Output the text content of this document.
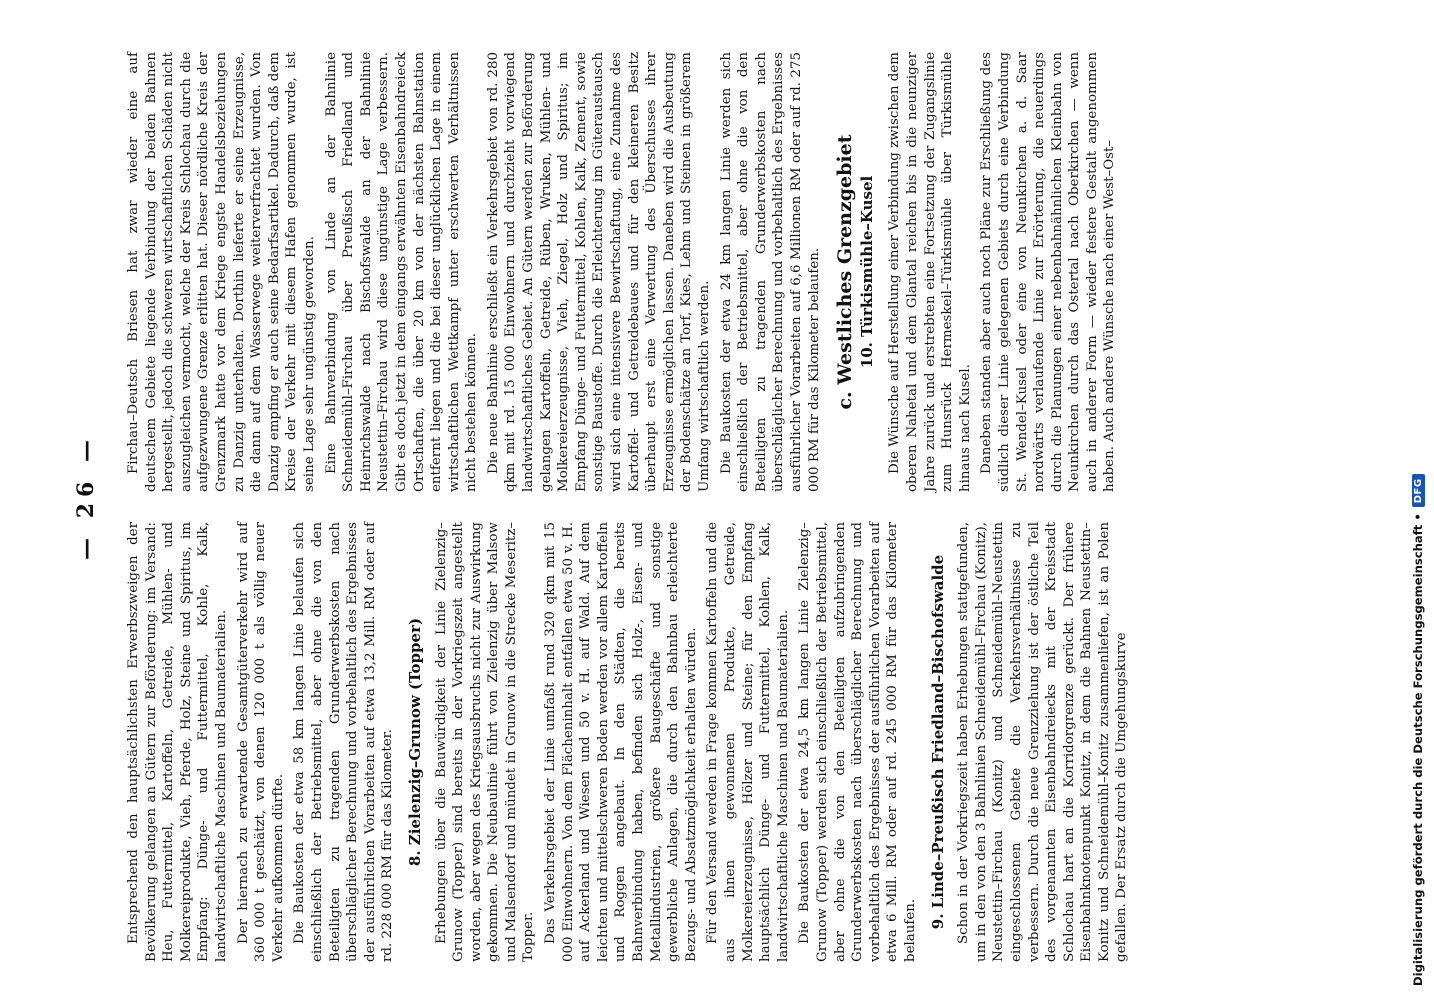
— 26 —

Entsprechend den hauptsächlichsten Erwerbszweigen der Bevölkerung gelangen an Gütern zur Beförderung: im Versand: Heu, Futtermittel, Kartoffeln, Getreide, Mühlen- und Molkereiprodukte, Vieh, Pferde, Holz, Steine und Spiritus, im Empfang: Dünge- und Futtermittel, Kohle, Kalk, landwirtschaftliche Maschinen und Baumaterialien. Der hiernach zu erwartende Gesamtgüterverkehr wird auf 360 000 t geschätzt, von denen 120 000 t als völlig neuer Verkehr aufkommen dürfte. Die Baukosten der etwa 58 km langen Linie belaufen sich einschließlich der Betriebsmittel, aber ohne die von den Beteiligten zu tragenden Grunderwerbskosten nach überschläglicher Berechnung und vorbehaltlich des Ergebnisses der ausführlichen Vorarbeiten auf etwa 13,2 Mill. RM oder auf rd. 228 000 RM für das Kilometer. 8. Zielenzig–Grunow (Topper) Erhebungen über die Bauwürdigkeit der Linie Zielenzig–Grunow (Topper) sind bereits in der Vorkriegszeit angestellt worden, aber wegen des Kriegsausbruchs nicht zur Auswirkung gekommen. Die Neubaulinie führt von Zielenzig über Malsow und Malsendorf und mündet in Grunow in die Strecke Meseritz–Topper. Das Verkehrsgebiet der Linie umfaßt rund 320 qkm mit 15 000 Einwohnern. Von dem Flächeninhalt entfallen etwa 50 v. H. auf Ackerland und Wiesen und 50 v. H. auf Wald. Auf dem leichten und mittelschweren Boden werden vor allem Kartoffeln und Roggen angebaut. In den Städten, die bereits Bahnverbindung haben, befinden sich Holz-, Eisen- und Metallindustrien, größere Baugeschäfte und sonstige gewerbliche Anlagen, die durch den Bahnbau erleichterte Bezugs- und Absatzmöglichkeit erhalten würden. Für den Versand werden in Frage kommen Kartoffeln und die aus ihnen gewonnenen Produkte, Getreide, Molkereierzeugnisse, Hölzer und Steine; für den Empfang hauptsächlich Dünge- und Futtermittel, Kohlen, Kalk, landwirtschaftliche Maschinen und Baumaterialien. Die Baukosten der etwa 24,5 km langen Linie Zielenzig–Grunow (Topper) werden sich einschließlich der Betriebsmittel, aber ohne die von den Beteiligten aufzubringenden Grunderwerbskosten nach überschläglicher Berechnung und vorbehaltlich des Ergebnisses der ausführlichen Vorarbeiten auf etwa 6 Mill. RM oder auf rd. 245 000 RM für das Kilometer belaufen.

9. Linde–Preußisch Friedland–Bischofswalde Schon in der Vorkriegszeit haben Erhebungen stattgefunden, um in den von den 3 Bahnlinien Schneidemühl–Firchau (Konitz), Neustettin–Firchau (Konitz) und Schneidemühl–Neustettin eingeschlossenen Gebiete die Verkehrsverhältnisse zu verbessern. Durch die neue Grenzziehung ist der östliche Teil des vorgenannten Eisenbahndreiecks mit der Kreisstadt Schlochau hart an die Korridorgrenze gerückt. Der frühere Eisenbahnknotenpunkt Konitz, in dem die Bahnen Neustettin–Konitz und Schneidemühl–Konitz zusammenliefen, ist an Polen gefallen. Der Ersatz durch die Umgehungskurve

Firchau–Deutsch Briesen hat zwar wieder eine auf deutschem Gebiete liegende Verbindung der beiden Bahnen hergestellt, jedoch die schweren wirtschaftlichen Schäden nicht auszugleichen vermocht, welche der Kreis Schlochau durch die aufgezwungene Grenze erlitten hat. Dieser nördliche Kreis der Grenzmark hatte vor dem Kriege engste Handelsbeziehungen zu Danzig unterhalten. Dorthin lieferte er seine Erzeugnisse, die dann auf dem Wasserwege weiterverfrachtet wurden. Von Danzig empfing er auch seine Bedarfsartikel. Dadurch, daß dem Kreise der Verkehr mit diesem Hafen genommen wurde, ist seine Lage sehr ungünstig geworden. Eine Bahnverbindung von Linde an der Bahnlinie Schneidemühl–Firchau über Preußisch Friedland und Heinrichswalde nach Bischofswalde an der Bahnlinie Neustettin–Firchau wird diese ungünstige Lage verbessern. Gibt es doch jetzt in dem eingangs erwähnten Eisenbahndreieck Ortschaften, die über 20 km von der nächsten Bahnstation entfernt liegen und die bei dieser unglücklichen Lage in einem wirtschaftlichen Wettkampf unter erschwerten Verhältnissen nicht bestehen können. Die neue Bahnlinie erschließt ein Verkehrsgebiet von rd. 280 qkm mit rd. 15 000 Einwohnern und durchzieht vorwiegend landwirtschaftliches Gebiet. An Gütern werden zur Beförderung gelangen Kartoffeln, Getreide, Rüben, Wruken, Mühlen- und Molkereierzeugnisse, Vieh, Ziegel, Holz und Spiritus; im Empfang Dünge- und Futtermittel, Kohlen, Kalk, Zement, sowie sonstige Baustoffe. Durch die Erleichterung im Güteraustausch wird sich eine intensivere Bewirtschaftung, eine Zunahme des Kartoffel- und Getreidebaues und für den kleineren Besitz überhaupt erst eine Verwertung des Überschusses ihrer Erzeugnisse ermöglichen lassen. Daneben wird die Ausbeutung der Bodenschätze an Torf, Kies, Lehm und Steinen in größerem Umfang wirtschaftlich werden. Die Baukosten der etwa 24 km langen Linie werden sich einschließlich der Betriebsmittel, aber ohne die von den Beteiligten zu tragenden Grunderwerbskosten nach überschläglicher Berechnung und vorbehaltlich des Ergebnisses ausführlicher Vorarbeiten auf 6,6 Millionen RM oder auf rd. 275 000 RM für das Kilometer belaufen. c. Westliches Grenzgebiet 10. Türkismühle–Kusel Die Wünsche auf Herstellung einer Verbindung zwischen dem oberen Nahetal und dem Glantal reichen bis in die neunziger Jahre zurück und erstrebten eine Fortsetzung der Zugangslinie zum Hunsrück Hermeskeil–Türkismühle über Türkismühle hinaus nach Kusel. Daneben standen aber auch noch Pläne zur Erschließung des südlich dieser Linie gelegenen Gebiets durch eine Verbindung St. Wendel–Kusel oder eine von Neunkirchen a. d. Saar nordwärts verlaufende Linie zur Erörterung, die neuerdings durch die Planungen einer nebenbahnähnlichen Kleinbahn von Neunkirchen durch das Ostertal nach Oberkirchen — wenn auch in anderer Form — wieder festere Gestalt angenommen haben. Auch andere Wünsche nach einer West–Ost–

Digitalisierung gefördert durch die Deutsche Forschungsgemeinschaft •
DFG
